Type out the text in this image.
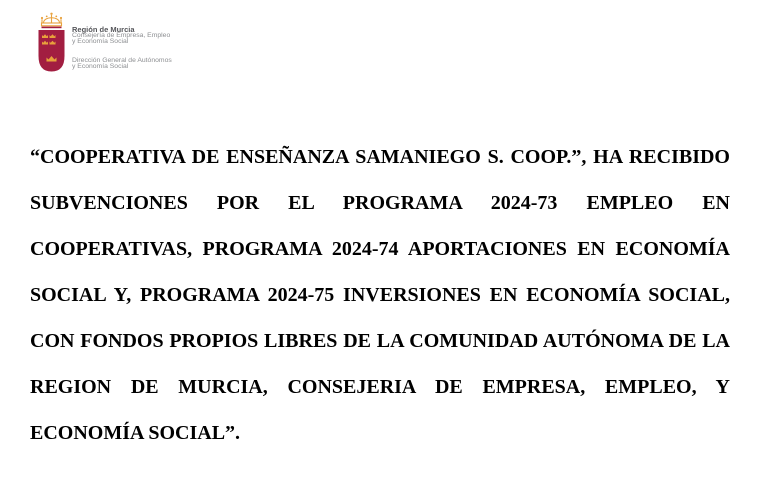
Región de Murcia
Consejería de Empresa, Empleo
y Economía Social
Dirección General de Autónomos
y Economía Social
“COOPERATIVA DE ENSEÑANZA SAMANIEGO S. COOP.”, HA RECIBIDO
SUBVENCIONES POR EL PROGRAMA 2024-73 EMPLEO EN
COOPERATIVAS, PROGRAMA 2024-74 APORTACIONES EN ECONOMÍA
SOCIAL Y, PROGRAMA 2024-75 INVERSIONES EN ECONOMÍA SOCIAL,
CON FONDOS PROPIOS LIBRES DE LA COMUNIDAD AUTÓNOMA DE LA
REGION DE MURCIA, CONSEJERIA DE EMPRESA, EMPLEO, Y
ECONOMÍA SOCIAL”.
